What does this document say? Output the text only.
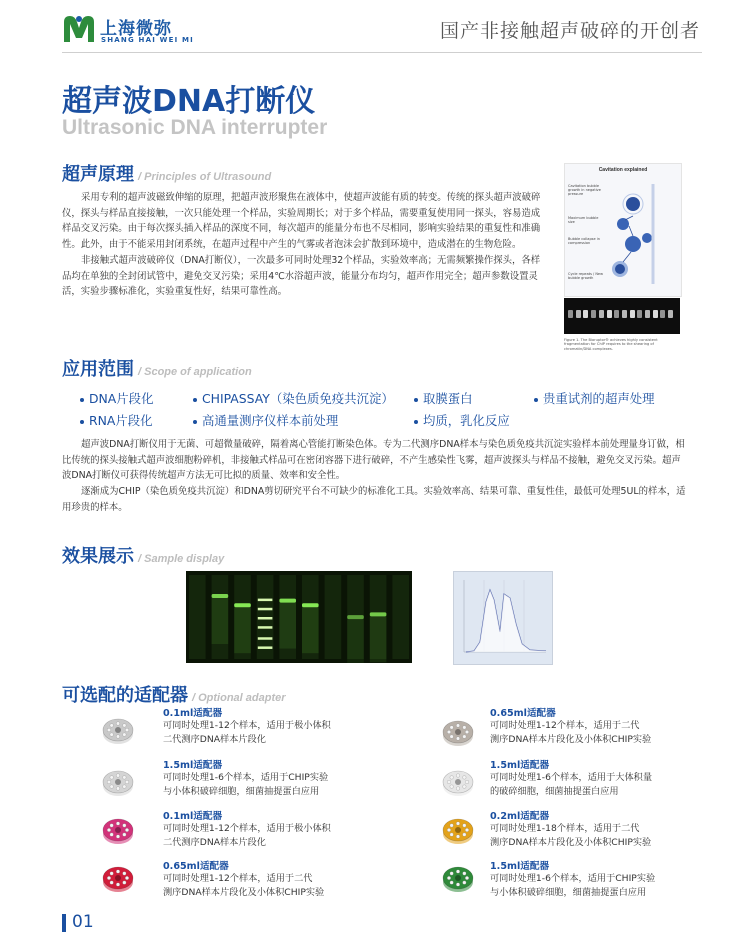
上海微弥
SHANG HAI WEI MI	国产非接触超声破碎的开创者
超声波DNA打断仪
Ultrasonic DNA interrupter
超声原理 / Principles of Ultrasound

采用专利的超声波磁致伸缩的原理，把超声波形聚焦在液体中，使超声波能有质的转变。传统的探头超声波破碎仪，探头与样品直接接触，一次只能处理一个样品，实验周期长；对于多个样品，需要重复使用同一探头，容易造成样品交叉污染。由于每次探头插入样品的深度不同，每次超声的能量分布也不尽相同，影响实验结果的重复性和准确性。此外，由于不能采用封闭系统，在超声过程中产生的气雾或者泡沫会扩散到环境中，造成潜在的生物危险。

非接触式超声波破碎仪（DNA打断仪），一次最多可同时处理32个样品，实验效率高；无需频繁操作探头，各样品均在单独的全封闭试管中，避免交叉污染；采用4℃水浴超声波，能量分布均匀，超声作用完全；超声参数设置灵活，实验步骤标准化，实验重复性好，结果可靠性高。

Cavitation explained
Cavitation bubble growth in negative pressure
Maximum bubble size
Bubble collapse in compression
Cycle repeats / New bubble growth
Figure 1. The Bioruptor® achieves highly consistent fragmentation for ChIP requires to the shearing of chromatin/DNA complexes.
应用范围 / Scope of application
DNA片段化	CHIPASSAY（染色质免疫共沉淀）	取膜蛋白	贵重试剂的超声处理
RNA片段化	高通量测序仪样本前处理	均质，乳化反应

超声波DNA打断仪用于无菌、可超微量破碎，隔着离心管能打断染色体。专为二代测序DNA样本与染色质免疫共沉淀实验样本前处理量身订做，相比传统的探头接触式超声波细胞粉碎机，非接触式样品可在密闭容器下进行破碎，不产生感染性飞雾，超声波探头与样品不接触，避免交叉污染。超声波DNA打断仪可获得传统超声方法无可比拟的质量、效率和安全性。

逐渐成为CHIP（染色质免疫共沉淀）和DNA剪切研究平台不可缺少的标准化工具。实验效率高、结果可靠、重复性佳，最低可处理5UL的样本，适用珍贵的样本。

效果展示 / Sample display
可选配的适配器 / Optional adapter
0.1ml适配器
可同时处理1-12个样本，适用于极小体积
二代测序DNA样本片段化
1.5ml适配器
可同时处理1-6个样本，适用于CHIP实验
与小体积破碎细胞，细菌抽提蛋白应用
0.1ml适配器
可同时处理1-12个样本，适用于极小体积
二代测序DNA样本片段化
0.65ml适配器
可同时处理1-12个样本，适用于二代
测序DNA样本片段化及小体积CHIP实验
0.65ml适配器
可同时处理1-12个样本，适用于二代
测序DNA样本片段化及小体积CHIP实验
1.5ml适配器
可同时处理1-6个样本，适用于大体积量
的破碎细胞，细菌抽提蛋白应用
0.2ml适配器
可同时处理1-18个样本，适用于二代
测序DNA样本片段化及小体积CHIP实验
1.5ml适配器
可同时处理1-6个样本，适用于CHIP实验
与小体积破碎细胞，细菌抽提蛋白应用
01
